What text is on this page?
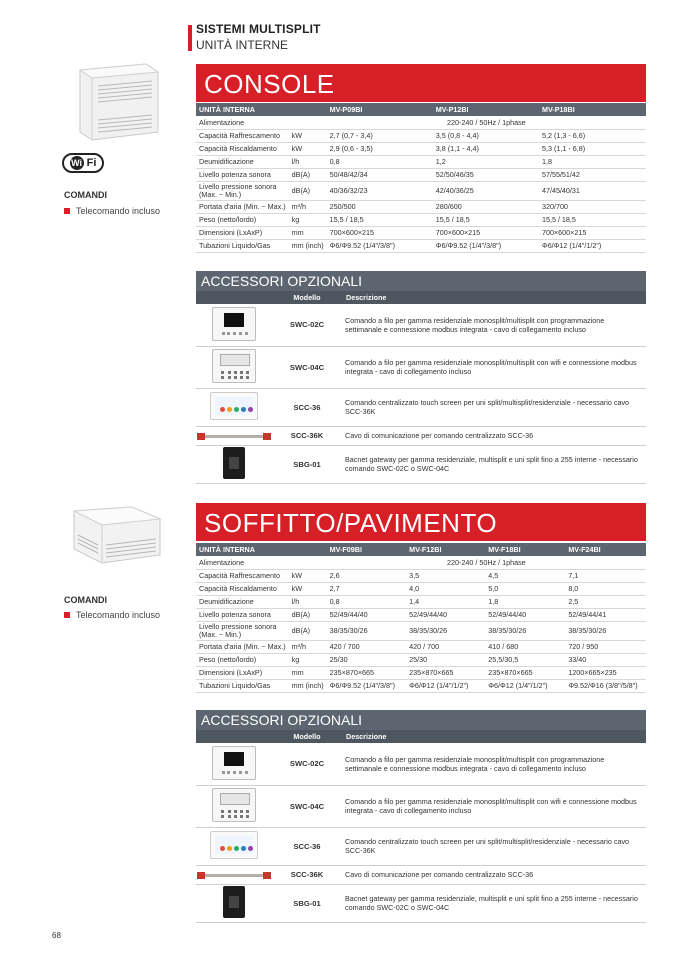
SISTEMI MULTISPLIT
UNITÀ INTERNE
Wi Fi
COMANDI
Telecomando incluso
CONSOLE
UNITÀ INTERNA		MV-P09BI	MV-P12BI	MV-P18BI
Alimentazione		220-240 / 50Hz / 1phase		
Capacità Raffrescamento	kW	2,7 (0,7 - 3,4)	3,5 (0,8 - 4,4)	5,2 (1,3 - 6,6)
Capacità Riscaldamento	kW	2,9 (0,6 - 3,5)	3,8 (1,1 - 4,4)	5,3 (1,1 - 6,8)
Deumidificazione	l/h	0,8	1,2	1,8
Livello potenza sonora	dB(A)	50/48/42/34	52/50/46/35	57/55/51/42
Livello pressione sonora (Max. ~ Min.)	dB(A)	40/36/32/23	42/40/36/25	47/45/40/31
Portata d'aria (Min. ~ Max.)	m³/h	250/500	280/600	320/700
Peso (netto/lordo)	kg	15,5 / 18,5	15,5 / 18,5	15,5 / 18,5
Dimensioni (LxAxP)	mm	700×600×215	700×600×215	700×600×215
Tubazioni Liquido/Gas	mm (inch)	Φ6/Φ9.52 (1/4"/3/8")	Φ6/Φ9.52 (1/4"/3/8")	Φ6/Φ12 (1/4"/1/2")
ACCESSORI OPZIONALI
	Modello	Descrizione

	SWC-02C	Comando a filo per gamma residenziale monosplit/multisplit con programmazione settimanale e connessione modbus integrata - cavo di collegamento incluso

	SWC-04C	Comando a filo per gamma residenziale monosplit/multisplit con wifi e connessione modbus integrata - cavo di collegamento incluso

	SCC-36	Comando centralizzato touch screen per uni split/multisplit/residenziale - necessario cavo SCC-36K
	SCC-36K	Cavo di comunicazione per comando centralizzato SCC-36
	SBG-01	Bacnet gateway per gamma residenziale, multisplit e uni split fino a 255 interne - necessario comando SWC-02C o SWC-04C
COMANDI
Telecomando incluso
SOFFITTO/PAVIMENTO
UNITÀ INTERNA		MV-F09BI	MV-F12BI	MV-F18BI	MV-F24BI
Alimentazione		220-240 / 50Hz / 1phase			
Capacità Raffrescamento	kW	2,6	3,5	4,5	7,1
Capacità Riscaldamento	kW	2,7	4,0	5,0	8,0
Deumidificazione	l/h	0,8	1,4	1,8	2,5
Livello potenza sonora	dB(A)	52/49/44/40	52/49/44/40	52/49/44/40	52/49/44/41
Livello pressione sonora (Max. ~ Min.)	dB(A)	38/35/30/26	38/35/30/26	38/35/30/26	38/35/30/26
Portata d'aria (Min. ~ Max.)	m³/h	420 / 700	420 / 700	410 / 680	720 / 950
Peso (netto/lordo)	kg	25/30	25/30	25,5/30,5	33/40
Dimensioni (LxAxP)	mm	235×870×665	235×870×665	235×870×665	1200×665×235
Tubazioni Liquido/Gas	mm (inch)	Φ6/Φ9.52 (1/4"/3/8")	Φ6/Φ12 (1/4"/1/2")	Φ6/Φ12 (1/4"/1/2")	Φ9.52/Φ16 (3/8"/5/8")
ACCESSORI OPZIONALI
	Modello	Descrizione

	SWC-02C	Comando a filo per gamma residenziale monosplit/multisplit con programmazione settimanale e connessione modbus integrata - cavo di collegamento incluso

	SWC-04C	Comando a filo per gamma residenziale monosplit/multisplit con wifi e connessione modbus integrata - cavo di collegamento incluso

	SCC-36	Comando centralizzato touch screen per uni split/multisplit/residenziale - necessario cavo SCC-36K
	SCC-36K	Cavo di comunicazione per comando centralizzato SCC-36
	SBG-01	Bacnet gateway per gamma residenziale, multisplit e uni split fino a 255 interne - necessario comando SWC-02C o SWC-04C
68
